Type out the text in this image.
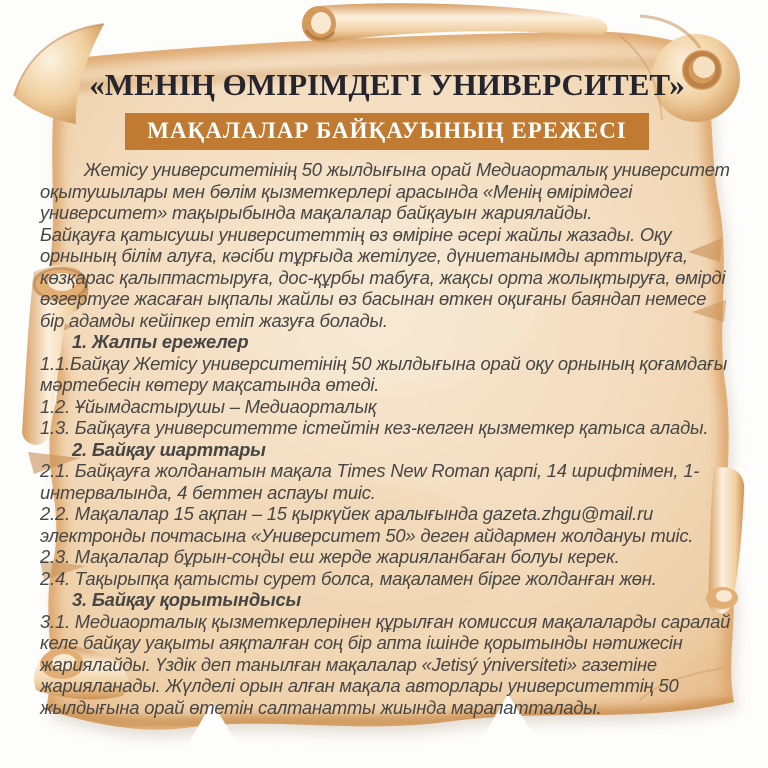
«МЕНІҢ ӨМІРІМДЕГІ УНИВЕРСИТЕТ»
МАҚАЛАЛАР БАЙҚАУЫНЫҢ ЕРЕЖЕСІ

Жетісу университетінің 50 жылдығына орай Медиаорталық университет оқытушылары мен бөлім қызметкерлері арасында «Менің өмірімдегі университет» тақырыбында мақалалар байқауын жариялайды.

Байқауға қатысушы университеттің өз өміріне әсері жайлы жазады. Оқу орнының білім алуға, кәсіби тұрғыда жетілуге, дүниетанымды арттыруға, көзқарас қалыптастыруға, дос-құрбы табуға, жақсы орта жолықтыруға, өмірді өзгертуге жасаған ықпалы жайлы өз басынан өткен оқиғаны баяндап немесе бір адамды кейіпкер етіп жазуға болады.

1. Жалпы ережелер

1.1.Байқау Жетісу университетінің 50 жылдығына орай оқу орнының қоғамдағы мәртебесін көтеру мақсатында өтеді.

1.2. Ұйымдастырушы – Медиаорталық

1.3. Байқауға университетте істейтін кез-келген қызметкер қатыса алады.

2. Байқау шарттары

2.1. Байқауға жолданатын мақала Times New Roman қарпі, 14 шрифтімен, 1-интервалында, 4 беттен аспауы тиіс.

2.2. Мақалалар 15 ақпан – 15 қыркүйек аралығында gazeta.zhgu@mail.ru электронды почтасына «Университет 50» деген айдармен жолдануы тиіс.

2.3. Мақалалар бұрын-соңды еш жерде жарияланбаған болуы керек.

2.4. Тақырыпқа қатысты сурет болса, мақаламен бірге жолданған жөн.

3. Байқау қорытындысы

3.1. Медиаорталық қызметкерлерінен құрылған комиссия мақалаларды саралай келе байқау уақыты аяқталған соң бір апта ішінде қорытынды нәтижесін жариялайды. Үздік деп танылған мақалалар «Jetisý ýniversiteti» газетіне жарияланады. Жүлделі орын алған мақала авторлары университеттің 50 жылдығына орай өтетін салтанатты жиында марапатталады.
